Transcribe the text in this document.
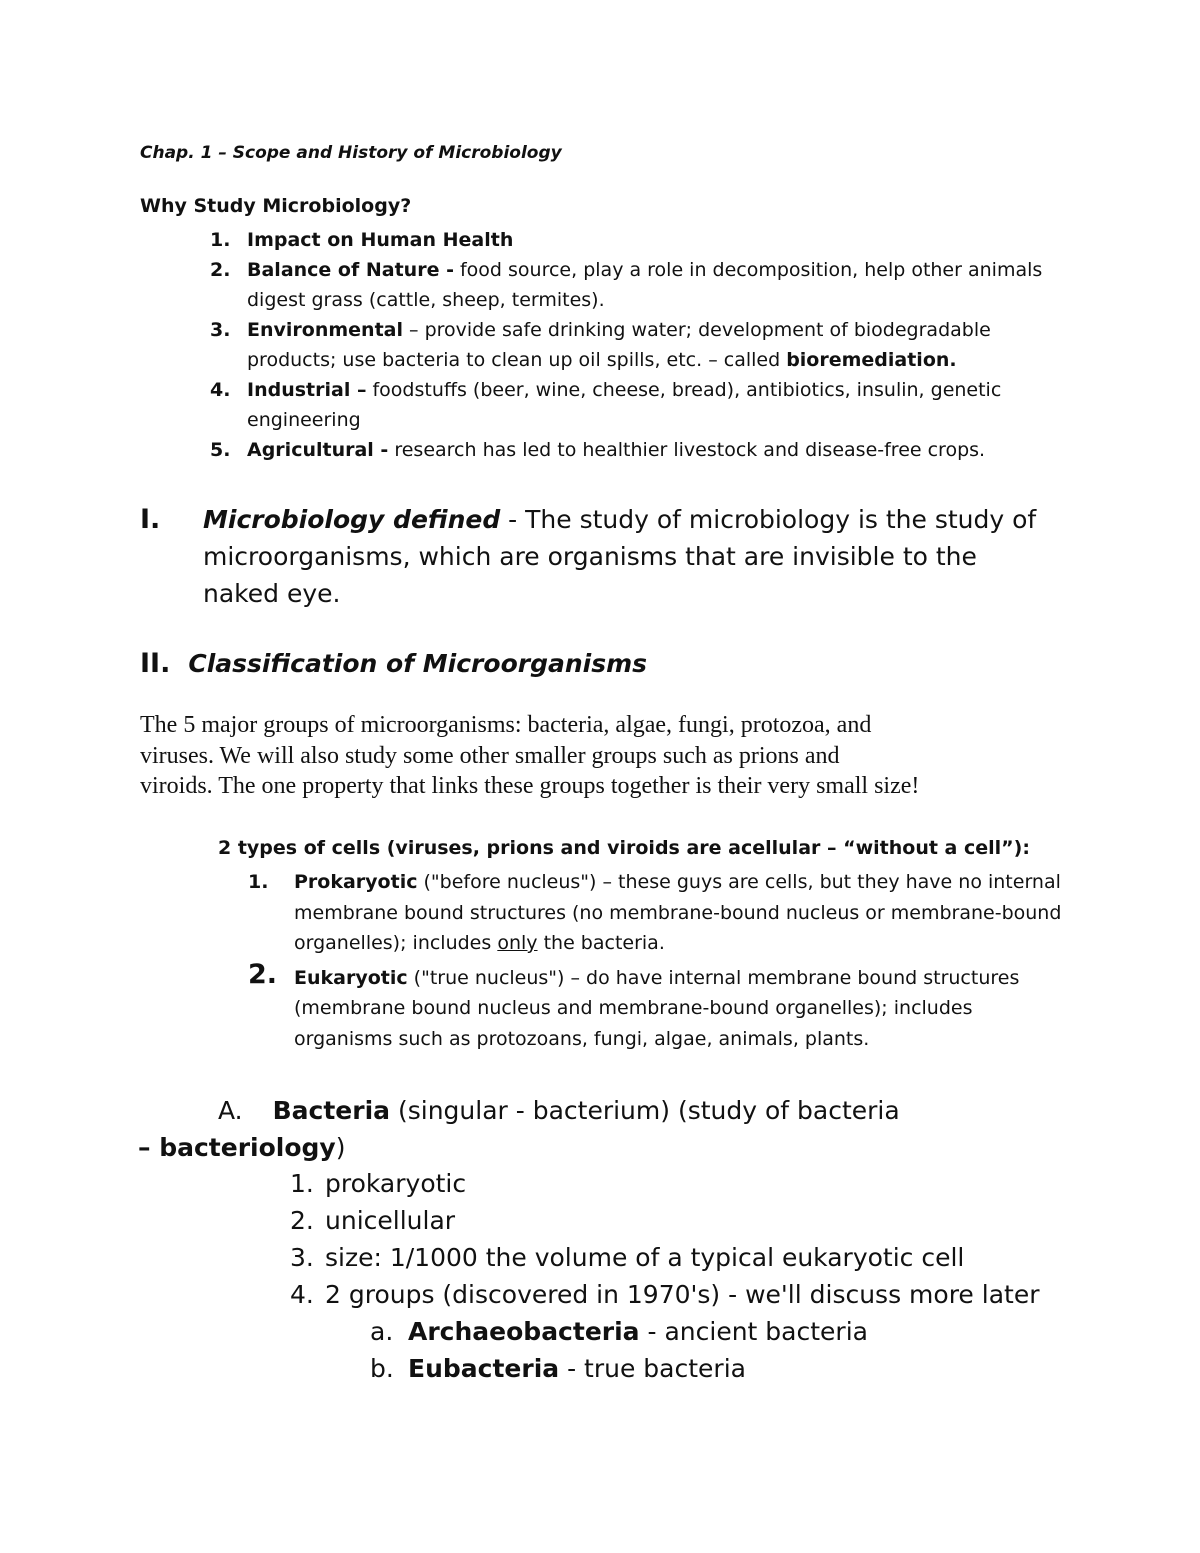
Chap. 1 – Scope and History of Microbiology
Why Study Microbiology?
1. Impact on Human Health
2. Balance of Nature - food source, play a role in decomposition, help other animals digest grass (cattle, sheep, termites).
3. Environmental – provide safe drinking water; development of biodegradable products; use bacteria to clean up oil spills, etc. – called bioremediation.
4. Industrial – foodstuffs (beer, wine, cheese, bread), antibiotics, insulin, genetic engineering
5. Agricultural - research has led to healthier livestock and disease-free crops.
I. Microbiology defined - The study of microbiology is the study of microorganisms, which are organisms that are invisible to the naked eye.
II. Classification of Microorganisms
The 5 major groups of microorganisms: bacteria, algae, fungi, protozoa, and
viruses. We will also study some other smaller groups such as prions and
viroids. The one property that links these groups together is their very small size!
2 types of cells (viruses, prions and viroids are acellular – “without a cell”):
1. Prokaryotic ("before nucleus") – these guys are cells, but they have no internal membrane bound structures (no membrane-bound nucleus or membrane-bound organelles); includes only the bacteria.
2. Eukaryotic ("true nucleus") – do have internal membrane bound structures (membrane bound nucleus and membrane-bound organelles); includes organisms such as protozoans, fungi, algae, animals, plants.
A. Bacteria (singular - bacterium) (study of bacteria
– bacteriology)
1. prokaryotic
2. unicellular
3. size: 1/1000 the volume of a typical eukaryotic cell
4. 2 groups (discovered in 1970's) - we'll discuss more later
a. Archaeobacteria - ancient bacteria
b. Eubacteria - true bacteria
